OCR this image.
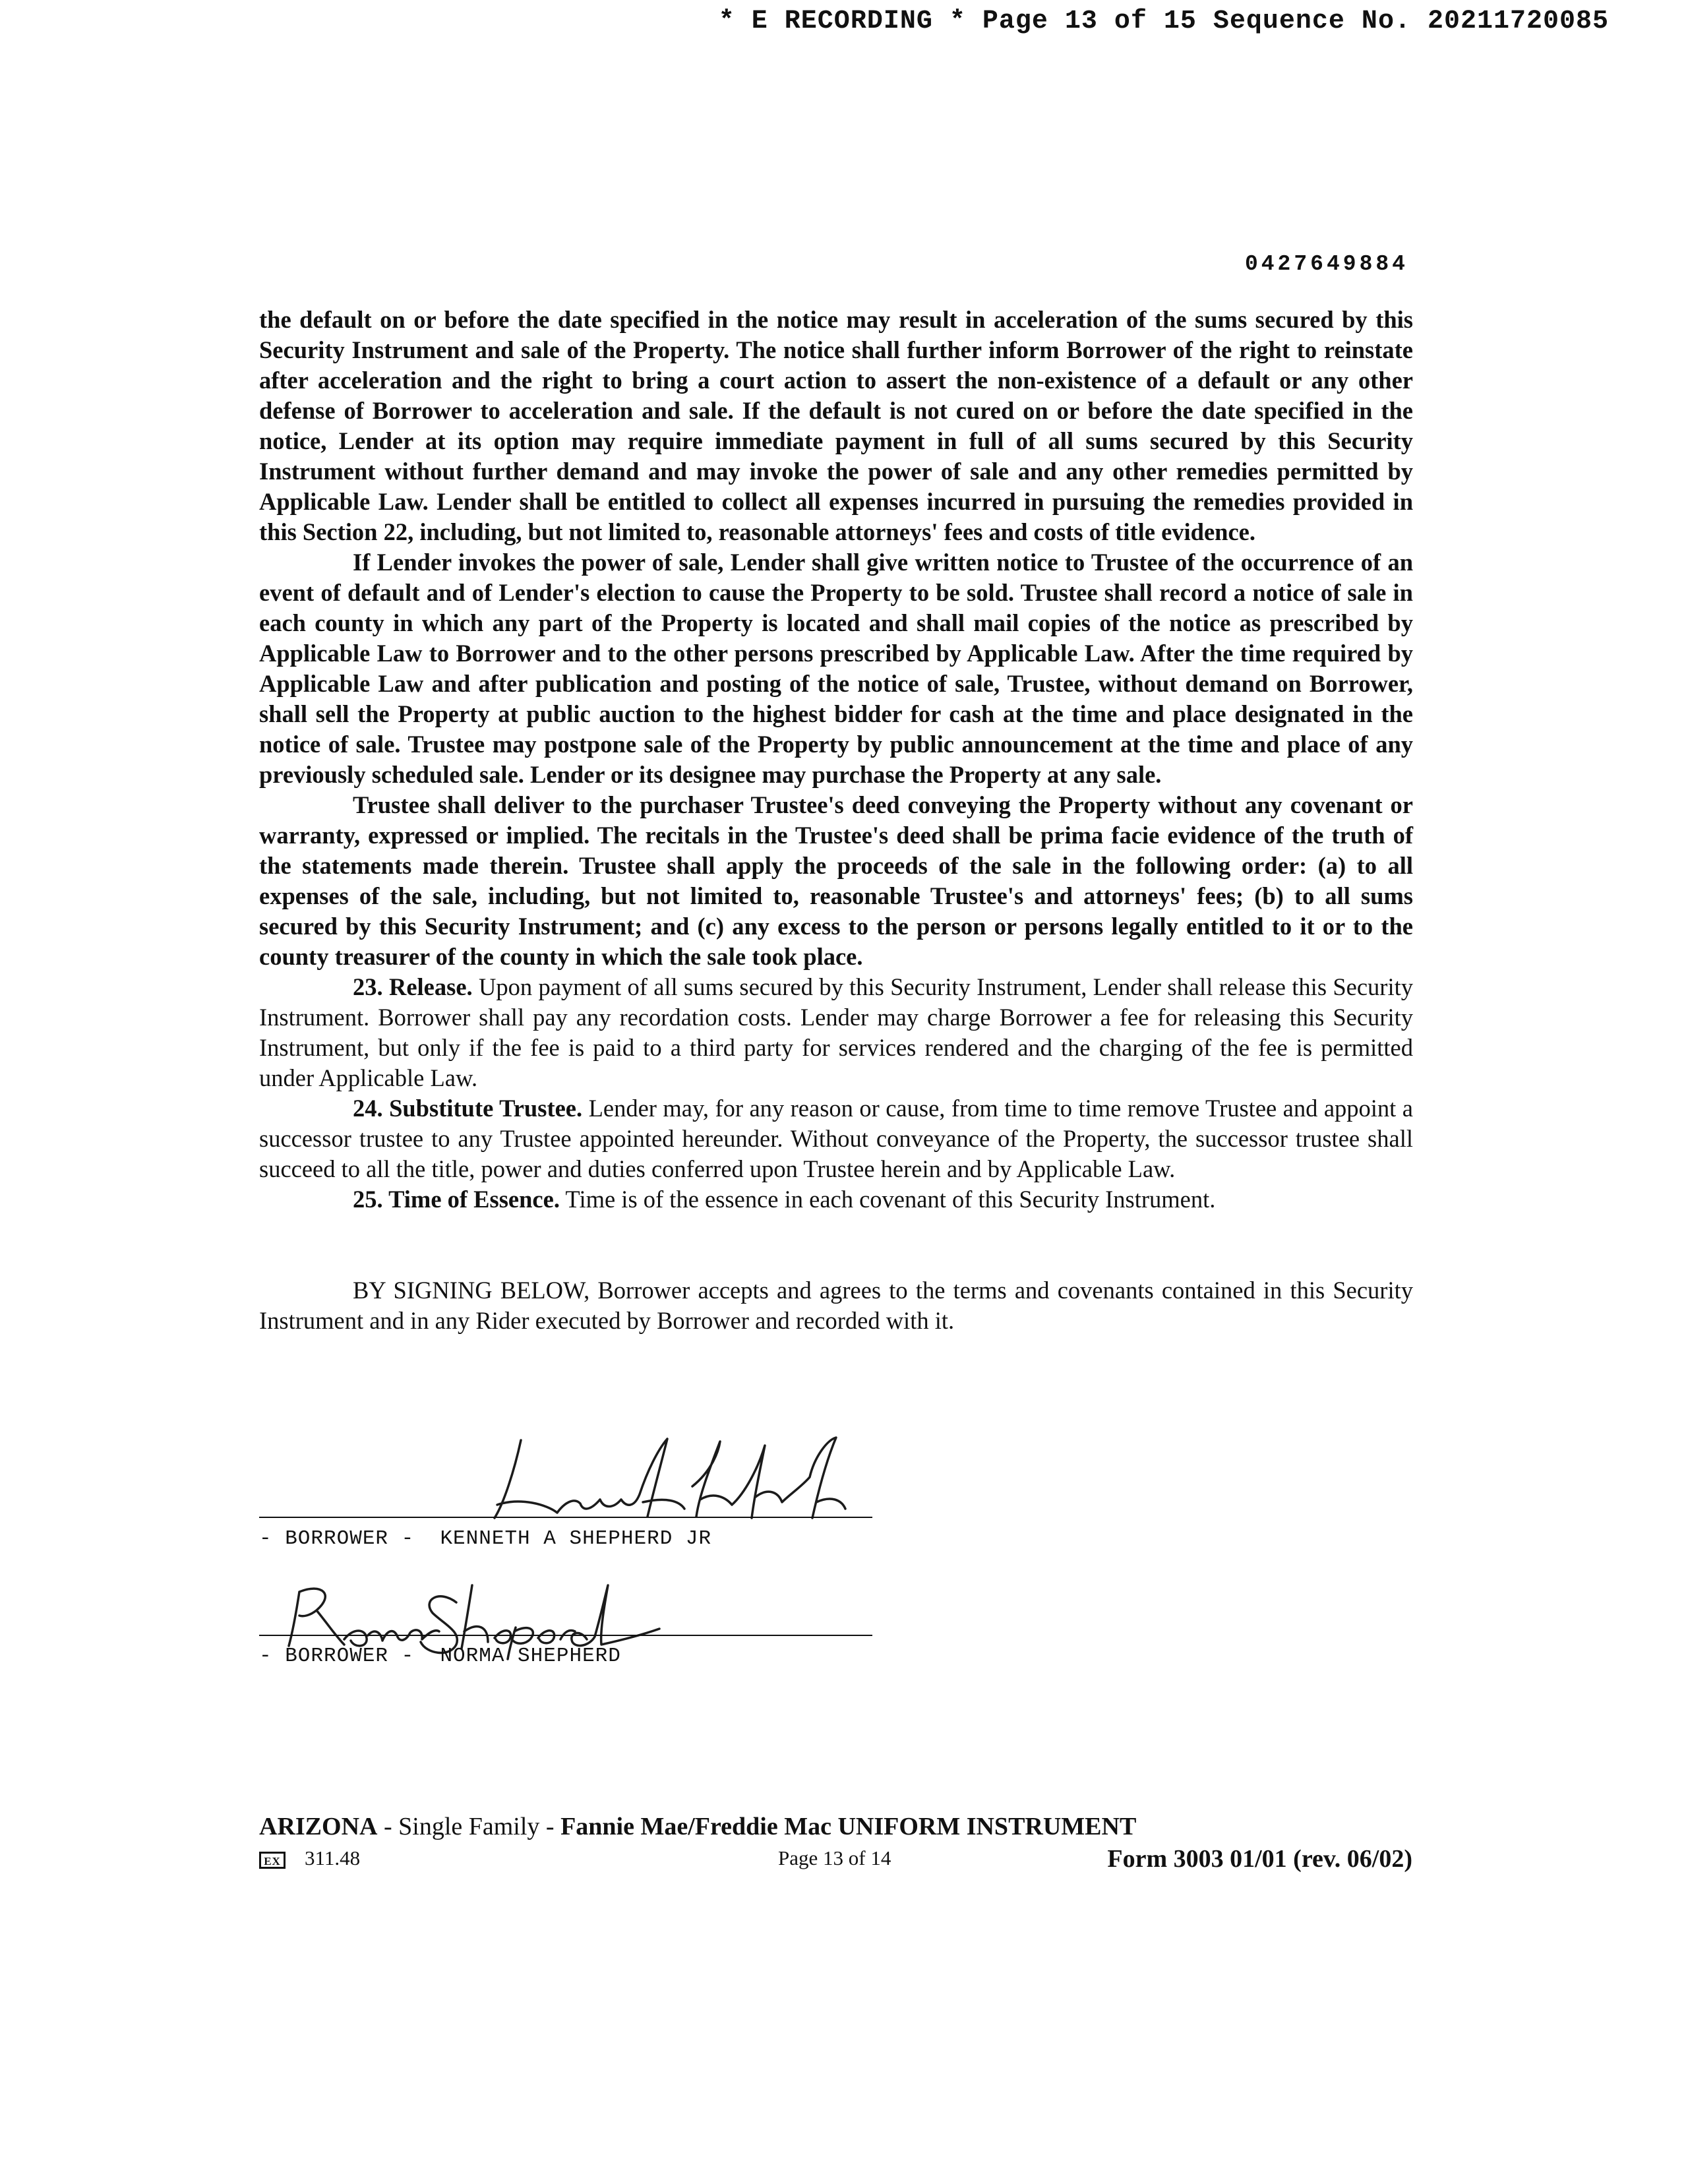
* E RECORDING * Page 13 of 15 Sequence No. 20211720085
0427649884

the default on or before the date specified in the notice may result in acceleration of the sums secured by this Security Instrument and sale of the Property. The notice shall further inform Borrower of the right to reinstate after acceleration and the right to bring a court action to assert the non-existence of a default or any other defense of Borrower to acceleration and sale. If the default is not cured on or before the date specified in the notice, Lender at its option may require immediate payment in full of all sums secured by this Security Instrument without further demand and may invoke the power of sale and any other remedies permitted by Applicable Law. Lender shall be entitled to collect all expenses incurred in pursuing the remedies provided in this Section 22, including, but not limited to, reasonable attorneys' fees and costs of title evidence.

If Lender invokes the power of sale, Lender shall give written notice to Trustee of the occurrence of an event of default and of Lender's election to cause the Property to be sold. Trustee shall record a notice of sale in each county in which any part of the Property is located and shall mail copies of the notice as prescribed by Applicable Law to Borrower and to the other persons prescribed by Applicable Law. After the time required by Applicable Law and after publication and posting of the notice of sale, Trustee, without demand on Borrower, shall sell the Property at public auction to the highest bidder for cash at the time and place designated in the notice of sale. Trustee may postpone sale of the Property by public announcement at the time and place of any previously scheduled sale. Lender or its designee may purchase the Property at any sale.

Trustee shall deliver to the purchaser Trustee's deed conveying the Property without any covenant or warranty, expressed or implied. The recitals in the Trustee's deed shall be prima facie evidence of the truth of the statements made therein. Trustee shall apply the proceeds of the sale in the following order: (a) to all expenses of the sale, including, but not limited to, reasonable Trustee's and attorneys' fees; (b) to all sums secured by this Security Instrument; and (c) any excess to the person or persons legally entitled to it or to the county treasurer of the county in which the sale took place.

23. Release. Upon payment of all sums secured by this Security Instrument, Lender shall release this Security Instrument. Borrower shall pay any recordation costs. Lender may charge Borrower a fee for releasing this Security Instrument, but only if the fee is paid to a third party for services rendered and the charging of the fee is permitted under Applicable Law.

24. Substitute Trustee. Lender may, for any reason or cause, from time to time remove Trustee and appoint a successor trustee to any Trustee appointed hereunder. Without conveyance of the Property, the successor trustee shall succeed to all the title, power and duties conferred upon Trustee herein and by Applicable Law.

25. Time of Essence. Time is of the essence in each covenant of this Security Instrument.

BY SIGNING BELOW, Borrower accepts and agrees to the terms and covenants contained in this Security Instrument and in any Rider executed by Borrower and recorded with it.

- BORROWER -  KENNETH A SHEPHERD JR
- BORROWER -  NORMA SHEPHERD
ARIZONA - Single Family - Fannie Mae/Freddie Mac UNIFORM INSTRUMENT
EX 311.48	Page 13 of 14	Form 3003 01/01 (rev. 06/02)
